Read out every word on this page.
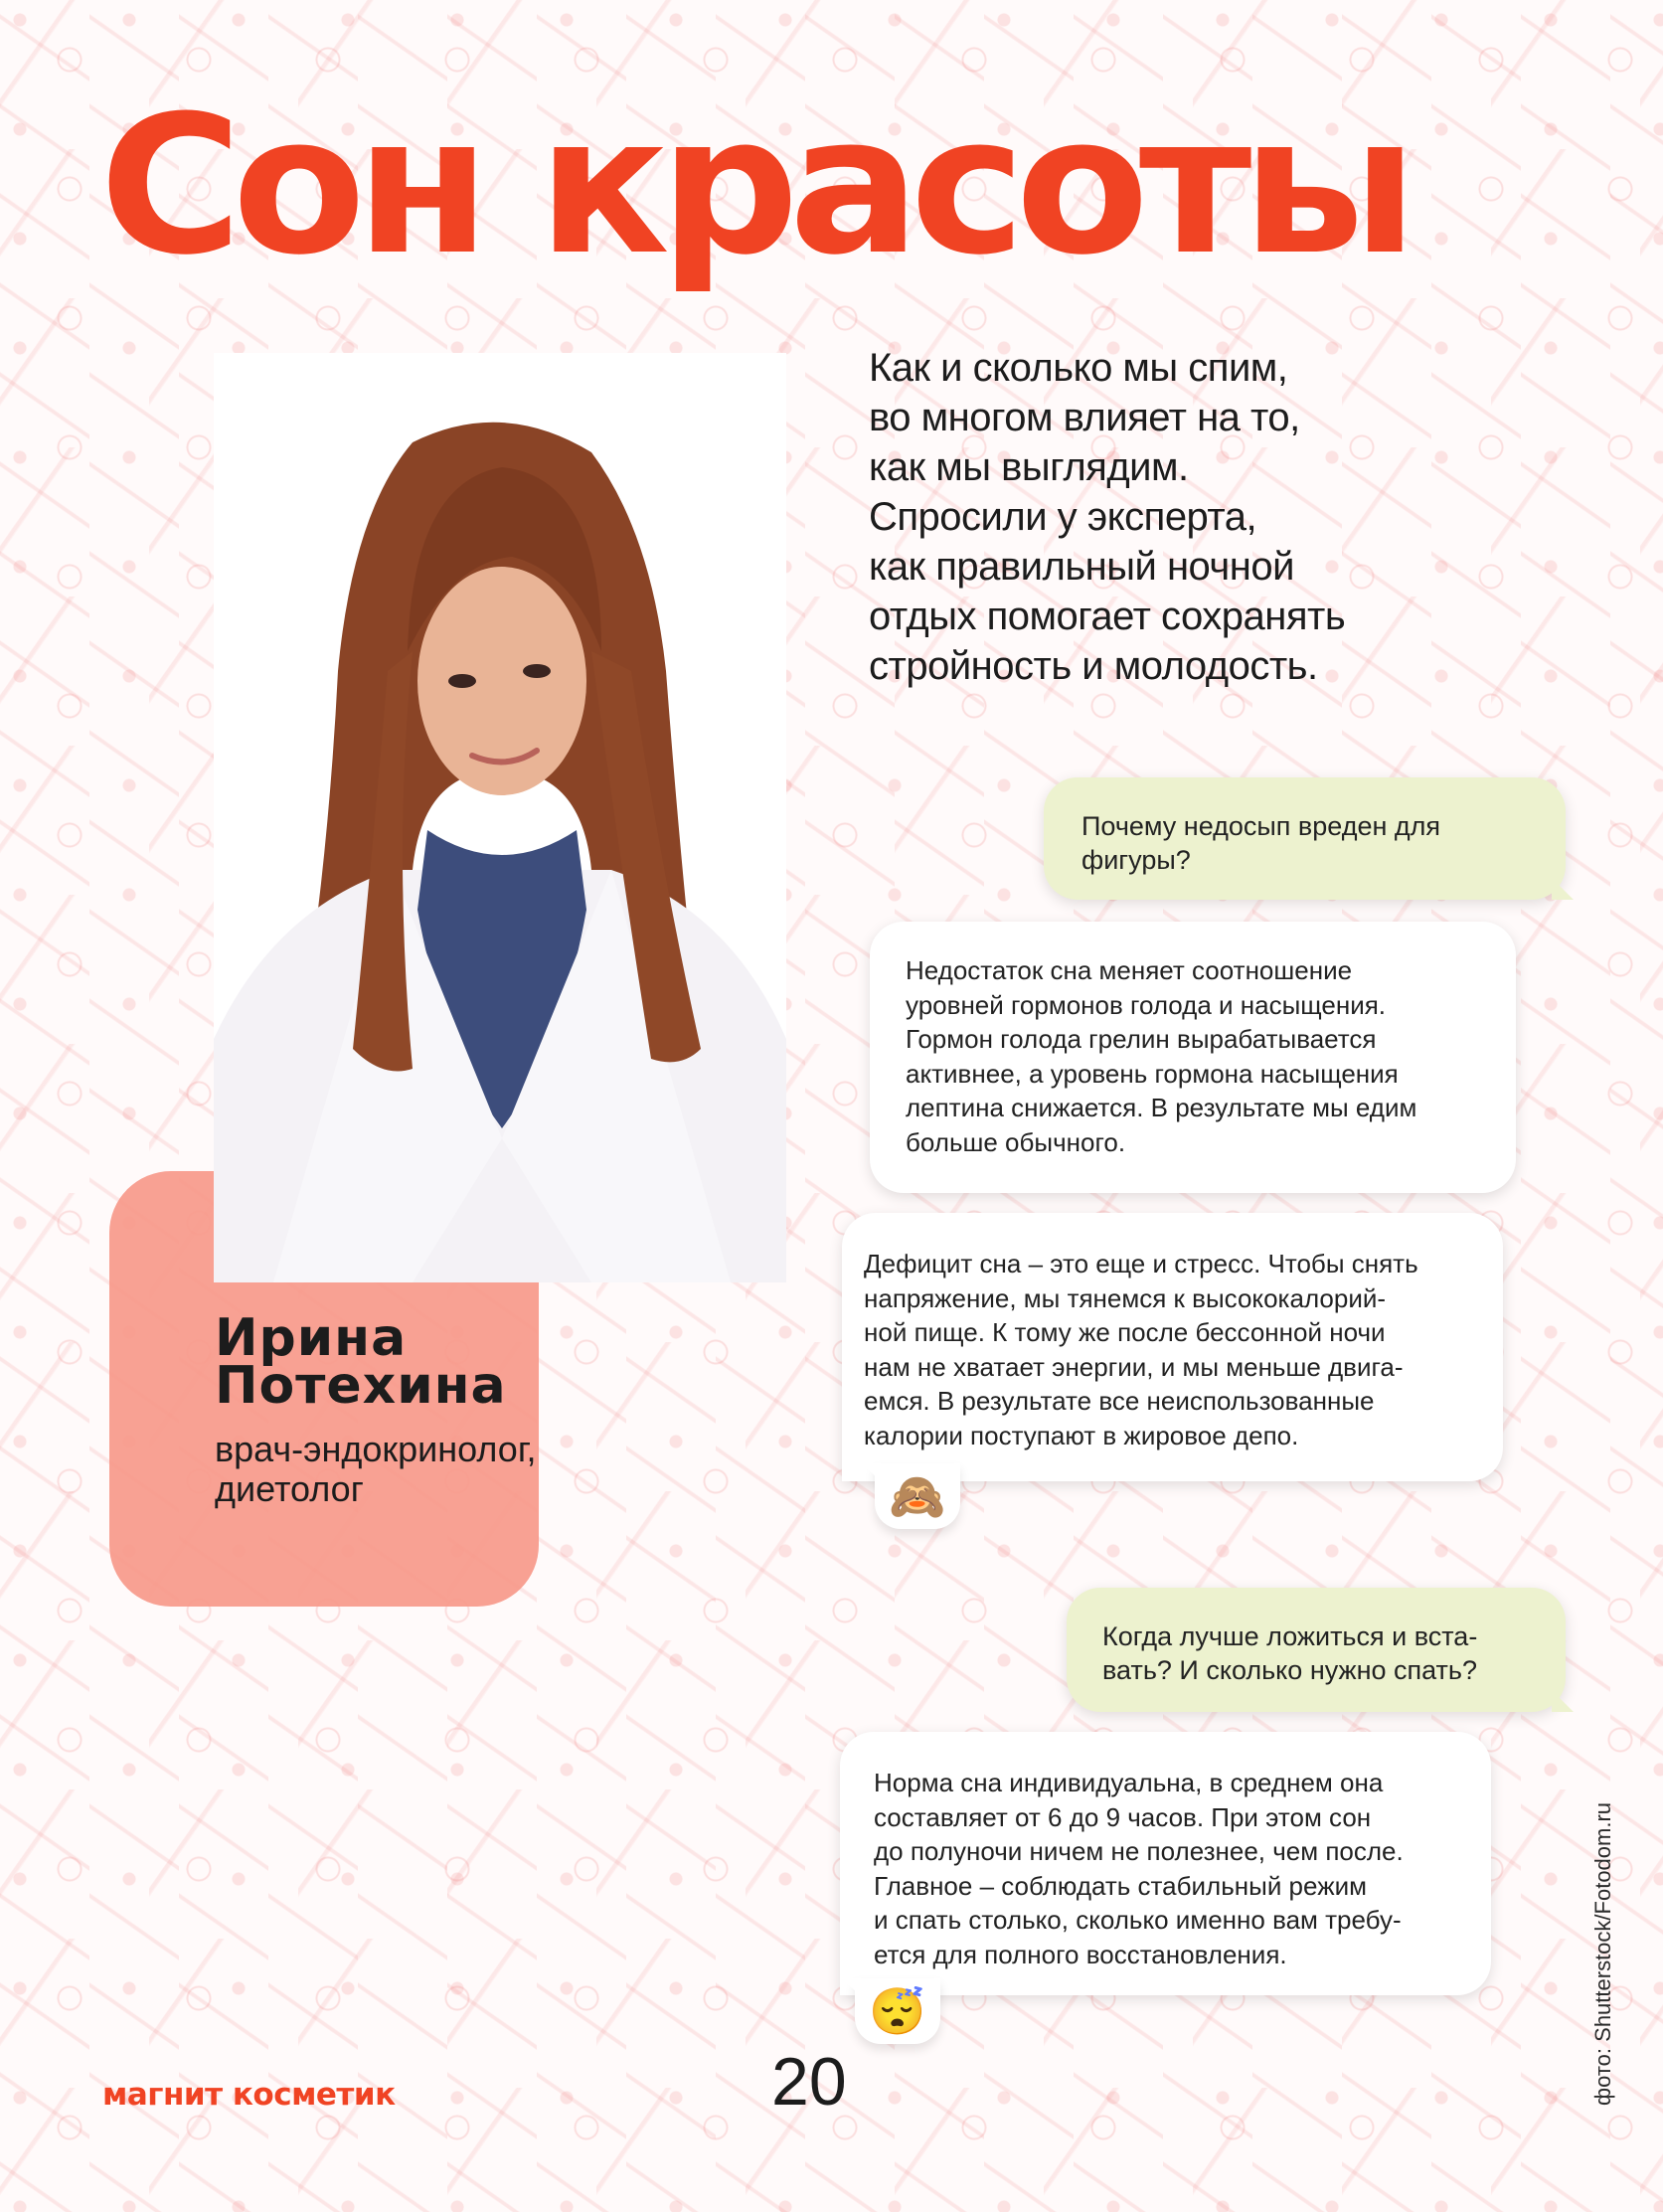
Сон красоты

Как и сколько мы спим,
во многом влияет на то,
как мы выглядим.
Спросили у эксперта,
как правильный ночной
отдых помогает сохранять
стройность и молодость.

Ирина
Потехина

врач-эндокринолог,
диетолог

Почему недосып вреден для
фигуры?
Недостаток сна меняет соотношение
уровней гормонов голода и насыщения.
Гормон голода грелин вырабатывается
активнее, а уровень гормона насыщения
лептина снижается. В результате мы едим
больше обычного.
Дефицит сна – это еще и стресс. Чтобы снять
напряжение, мы тянемся к высококалорий-
ной пище. К тому же после бессонной ночи
нам не хватает энергии, и мы меньше двига-
емся. В результате все неиспользованные
калории поступают в жировое депо.
🙈
Когда лучше ложиться и вста-
вать? И сколько нужно спать?
Норма сна индивидуальна, в среднем она
составляет от 6 до 9 часов. При этом сон
до полуночи ничем не полезнее, чем после.
Главное – соблюдать стабильный режим
и спать столько, сколько именно вам требу-
ется для полного восстановления.
😴

магнит косметик	20	фото: Shutterstock/Fotodom.ru
